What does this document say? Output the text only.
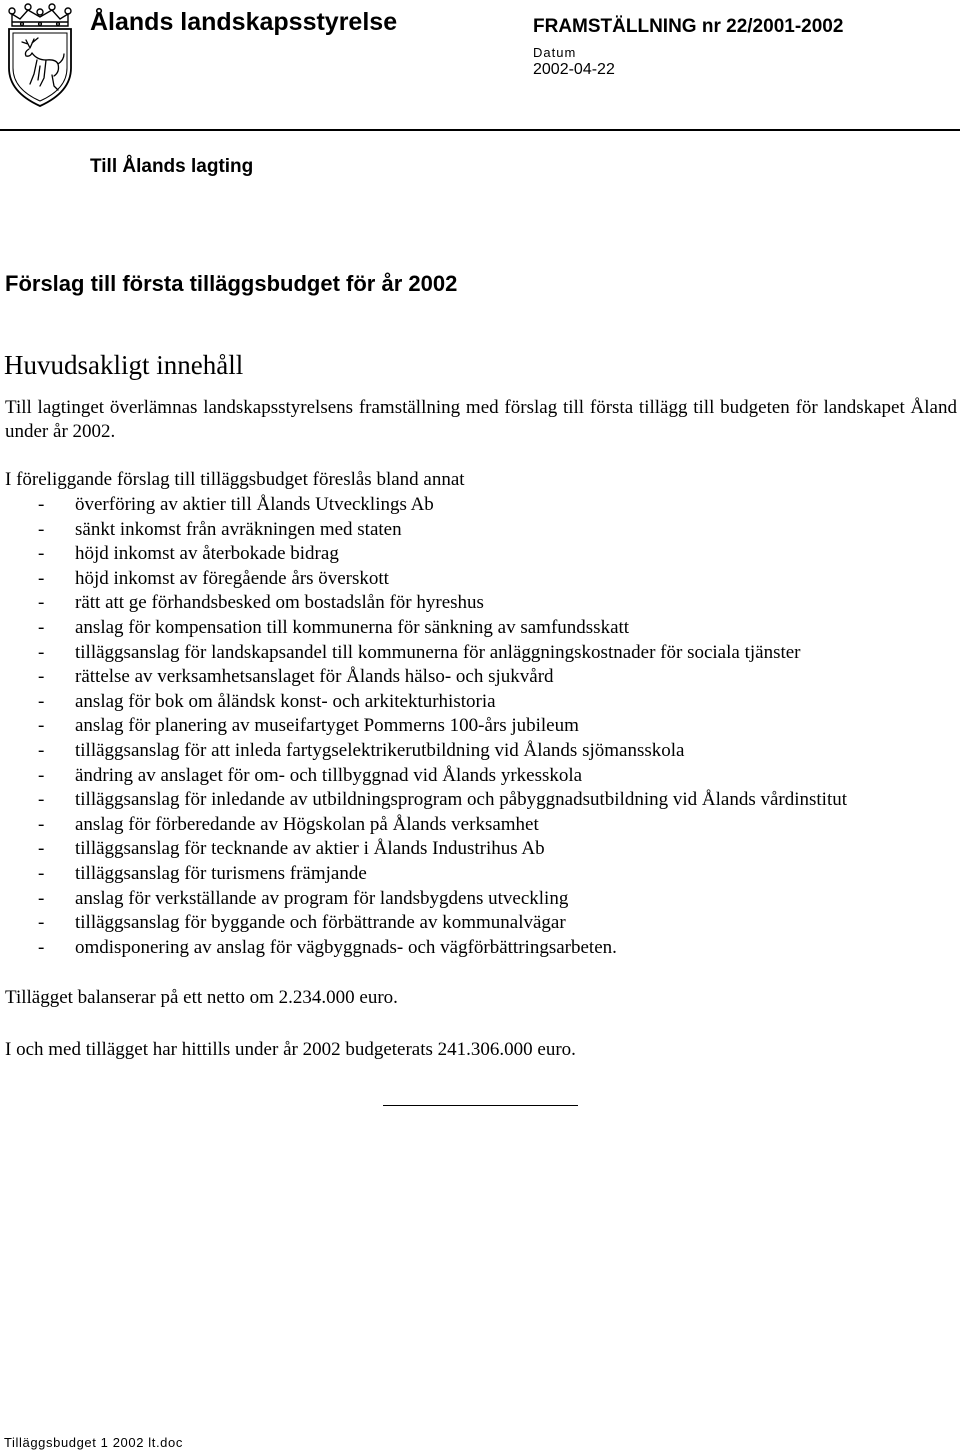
Ålands landskapsstyrelse	FRAMSTÄLLNING nr 22/2001-2002
Datum
2002-04-22
Till Ålands lagting
Förslag till första tilläggsbudget för år 2002
Huvudsakligt innehåll

Till lagtinget överlämnas landskapsstyrelsens framställning med förslag till första tillägg till budgeten för landskapet Åland under år 2002.

I föreliggande förslag till tilläggsbudget föreslås bland annat
- överföring av aktier till Ålands Utvecklings Ab
- sänkt inkomst från avräkningen med staten
- höjd inkomst av återbokade bidrag
- höjd inkomst av föregående års överskott
- rätt att ge förhandsbesked om bostadslån för hyreshus
- anslag för kompensation till kommunerna för sänkning av samfundsskatt
- tilläggsanslag för landskapsandel till kommunerna för anläggningskostnader för sociala tjänster
- rättelse av verksamhetsanslaget för Ålands hälso- och sjukvård
- anslag för bok om åländsk konst- och arkitekturhistoria
- anslag för planering av museifartyget Pommerns 100-års jubileum
- tilläggsanslag för att inleda fartygselektrikerutbildning vid Ålands sjömansskola
- ändring av anslaget för om- och tillbyggnad vid Ålands yrkesskola
- tilläggsanslag för inledande av utbildningsprogram och påbyggnadsutbildning vid Ålands vårdinstitut
- anslag för förberedande av Högskolan på Ålands verksamhet
- tilläggsanslag för tecknande av aktier i Ålands Industrihus Ab
- tilläggsanslag för turismens främjande
- anslag för verkställande av program för landsbygdens utveckling
- tilläggsanslag för byggande och förbättrande av kommunalvägar
- omdisponering av anslag för vägbyggnads- och vägförbättringsarbeten.
Tillägget balanserar på ett netto om 2.234.000 euro.
I och med tillägget har hittills under år 2002 budgeterats 241.306.000 euro.
Tilläggsbudget 1 2002 lt.doc
